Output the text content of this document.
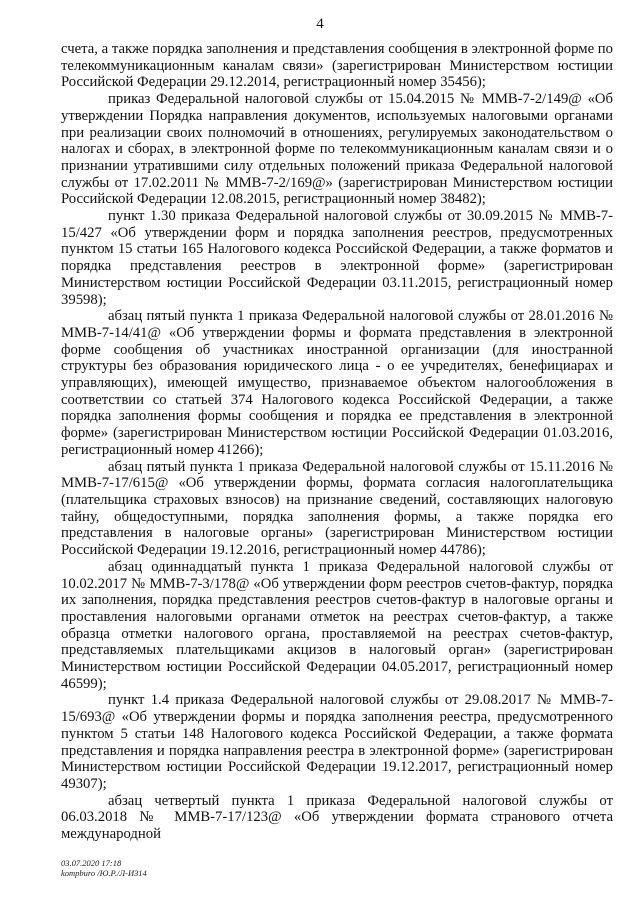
4

счета, а также порядка заполнения и представления сообщения в электронной форме по телекоммуникационным каналам связи» (зарегистрирован Министерством юстиции Российской Федерации 29.12.2014, регистрационный номер 35456);

приказ Федеральной налоговой службы от 15.04.2015 № ММВ-7-2/149@ «Об утверждении Порядка направления документов, используемых налоговыми органами при реализации своих полномочий в отношениях, регулируемых законодательством о налогах и сборах, в электронной форме по телекоммуникационным каналам связи и о признании утратившими силу отдельных положений приказа Федеральной налоговой службы от 17.02.2011 № ММВ-7-2/169@» (зарегистрирован Министерством юстиции Российской Федерации 12.08.2015, регистрационный номер 38482);

пункт 1.30 приказа Федеральной налоговой службы от 30.09.2015 № ММВ-7-15/427 «Об утверждении форм и порядка заполнения реестров, предусмотренных пунктом 15 статьи 165 Налогового кодекса Российской Федерации, а также форматов и порядка представления реестров в электронной форме» (зарегистрирован Министерством юстиции Российской Федерации 03.11.2015, регистрационный номер 39598);

абзац пятый пункта 1 приказа Федеральной налоговой службы от 28.01.2016 № ММВ-7-14/41@ «Об утверждении формы и формата представления в электронной форме сообщения об участниках иностранной организации (для иностранной структуры без образования юридического лица - о ее учредителях, бенефициарах и управляющих), имеющей имущество, признаваемое объектом налогообложения в соответствии со статьей 374 Налогового кодекса Российской Федерации, а также порядка заполнения формы сообщения и порядка ее представления в электронной форме» (зарегистрирован Министерством юстиции Российской Федерации 01.03.2016, регистрационный номер 41266);

абзац пятый пункта 1 приказа Федеральной налоговой службы от 15.11.2016 № ММВ-7-17/615@ «Об утверждении формы, формата согласия налогоплательщика (плательщика страховых взносов) на признание сведений, составляющих налоговую тайну, общедоступными, порядка заполнения формы, а также порядка его представления в налоговые органы» (зарегистрирован Министерством юстиции Российской Федерации 19.12.2016, регистрационный номер 44786);

абзац одиннадцатый пункта 1 приказа Федеральной налоговой службы от 10.02.2017 № ММВ-7-3/178@ «Об утверждении форм реестров счетов-фактур, порядка их заполнения, порядка представления реестров счетов-фактур в налоговые органы и проставления налоговыми органами отметок на реестрах счетов-фактур, а также образца отметки налогового органа, проставляемой на реестрах счетов-фактур, представляемых плательщиками акцизов в налоговый орган» (зарегистрирован Министерством юстиции Российской Федерации 04.05.2017, регистрационный номер 46599);

пункт 1.4 приказа Федеральной налоговой службы от 29.08.2017 № ММВ-7-15/693@ «Об утверждении формы и порядка заполнения реестра, предусмотренного пунктом 5 статьи 148 Налогового кодекса Российской Федерации, а также формата представления и порядка направления реестра в электронной форме» (зарегистрирован Министерством юстиции Российской Федерации 19.12.2017, регистрационный номер 49307);

абзац четвертый пункта 1 приказа Федеральной налоговой службы от 06.03.2018 № ММВ-7-17/123@ «Об утверждении формата странового отчета международной

03.07.2020 17:18
kompburo /Ю.Р./Л-ИЗ14
